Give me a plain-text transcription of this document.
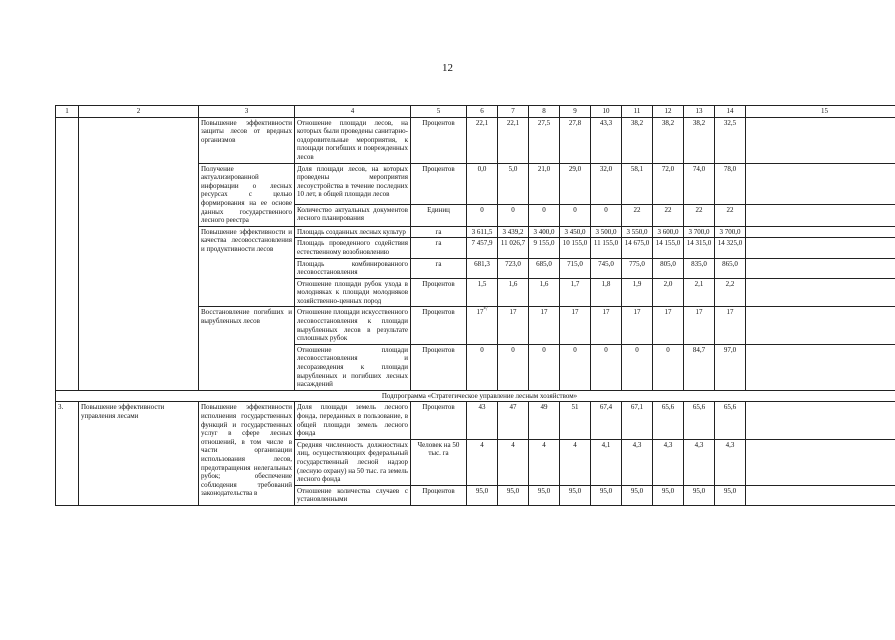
12
1	2	3	4	5	6	7	8	9	10	11	12	13	14	15
		Повышение эффективности защиты лесов от вредных организмов	Отношение площади лесов, на которых были проведены санитарно-оздоровительные мероприятия, к площади погибших и поврежденных лесов	Процентов	22,1	22,1	27,5	27,8	43,3	38,2	38,2	38,2	32,5	
		Получение актуализированной информации о лесных ресурсах с целью формирования на ее основе данных государственного лесного реестра	Доля площади лесов, на которых проведены мероприятия лесоустройства в течение последних 10 лет, в общей площади лесов	Процентов	0,0	5,0	21,0	29,0	32,0	58,1	72,0	74,0	78,0	
			Количество актуальных документов лесного планирования	Единиц	0	0	0	0	0	22	22	22	22	
		Повышение эффективности и качества лесовосстановления и продуктивности лесов	Площадь созданных лесных культур	га	3 611,5	3 439,2	3 400,0	3 450,0	3 500,0	3 550,0	3 600,0	3 700,0	3 700,0	
			Площадь проведенного содействия естественному возобновлению	га	7 457,9	11 026,7	9 155,0	10 155,0	11 155,0	14 675,0	14 155,0	14 315,0	14 325,0	
			Площадь комбинированного лесовосстановления	га	681,3	723,0	685,0	715,0	745,0	775,0	805,0	835,0	865,0	
			Отношение площади рубок ухода в молодняках к площади молодняков хозяйственно-ценных пород	Процентов	1,5	1,6	1,6	1,7	1,8	1,9	2,0	2,1	2,2	
		Восстановление погибших и вырубленных лесов	Отношение площади искусственного лесовосстановления к площади вырубленных лесов в результате сплошных рубок	Процентов	17*/	17	17	17	17	17	17	17	17	
			Отношение площади лесовосстановления и лесоразведения к площади вырубленных и погибших лесных насаждений	Процентов	0	0	0	0	0	0	0	84,7	97,0	
Подпрограмма «Стратегическое управление лесным хозяйством»														
3.	Повышение эффективности управления лесами	Повышение эффективности исполнения государственных функций и государственных услуг в сфере лесных отношений, в том числе в части организации использования лесов, предотвращения нелегальных рубок; обеспечение соблюдения требований законодательства в	Доля площади земель лесного фонда, переданных в пользование, в общей площади земель лесного фонда	Процентов	43	47	49	51	67,4	67,1	65,6	65,6	65,6	
			Средняя численность должностных лиц, осуществляющих федеральный государственный лесной надзор (лесную охрану) на 50 тыс. га земель лесного фонда	Человек на 50 тыс. га	4	4	4	4	4,1	4,3	4,3	4,3	4,3	
			Отношение количества случаев с установленными	Процентов	95,0	95,0	95,0	95,0	95,0	95,0	95,0	95,0	95,0	
